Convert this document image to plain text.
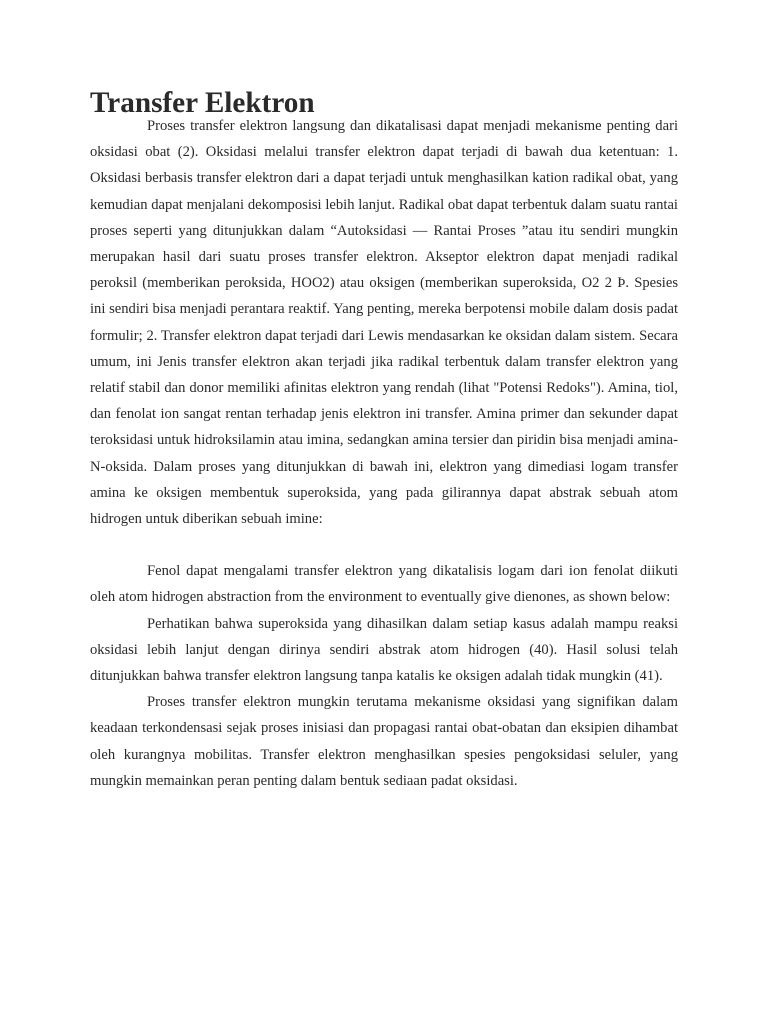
Transfer Elektron

Proses transfer elektron langsung dan dikatalisasi dapat menjadi mekanisme penting dari oksidasi obat (2). Oksidasi melalui transfer elektron dapat terjadi di bawah dua ketentuan: 1. Oksidasi berbasis transfer elektron dari a dapat terjadi untuk menghasilkan kation radikal obat, yang kemudian dapat menjalani dekomposisi lebih lanjut. Radikal obat dapat terbentuk dalam suatu rantai proses seperti yang ditunjukkan dalam “Autoksidasi — Rantai Proses ”atau itu sendiri mungkin merupakan hasil dari suatu proses transfer elektron. Akseptor elektron dapat menjadi radikal peroksil (memberikan peroksida, HOO2) atau oksigen (memberikan superoksida, O2 2 Þ. Spesies ini sendiri bisa menjadi perantara reaktif. Yang penting, mereka berpotensi mobile dalam dosis padat formulir; 2. Transfer elektron dapat terjadi dari Lewis mendasarkan ke oksidan dalam sistem. Secara umum, ini Jenis transfer elektron akan terjadi jika radikal terbentuk dalam transfer elektron yang relatif stabil dan donor memiliki afinitas elektron yang rendah (lihat "Potensi Redoks"). Amina, tiol, dan fenolat ion sangat rentan terhadap jenis elektron ini transfer. Amina primer dan sekunder dapat teroksidasi untuk hidroksilamin atau imina, sedangkan amina tersier dan piridin bisa menjadi amina-N-oksida. Dalam proses yang ditunjukkan di bawah ini, elektron yang dimediasi logam transfer amina ke oksigen membentuk superoksida, yang pada gilirannya dapat abstrak sebuah atom hidrogen untuk diberikan sebuah imine:

Fenol dapat mengalami transfer elektron yang dikatalisis logam dari ion fenolat diikuti oleh atom hidrogen abstraction from the environment to eventually give dienones, as shown below:

Perhatikan bahwa superoksida yang dihasilkan dalam setiap kasus adalah mampu reaksi oksidasi lebih lanjut dengan dirinya sendiri abstrak atom hidrogen (40). Hasil solusi telah ditunjukkan bahwa transfer elektron langsung tanpa katalis ke oksigen adalah tidak mungkin (41).

Proses transfer elektron mungkin terutama mekanisme oksidasi yang signifikan dalam keadaan terkondensasi sejak proses inisiasi dan propagasi rantai obat-obatan dan eksipien dihambat oleh kurangnya mobilitas. Transfer elektron menghasilkan spesies pengoksidasi seluler, yang mungkin memainkan peran penting dalam bentuk sediaan padat oksidasi.
